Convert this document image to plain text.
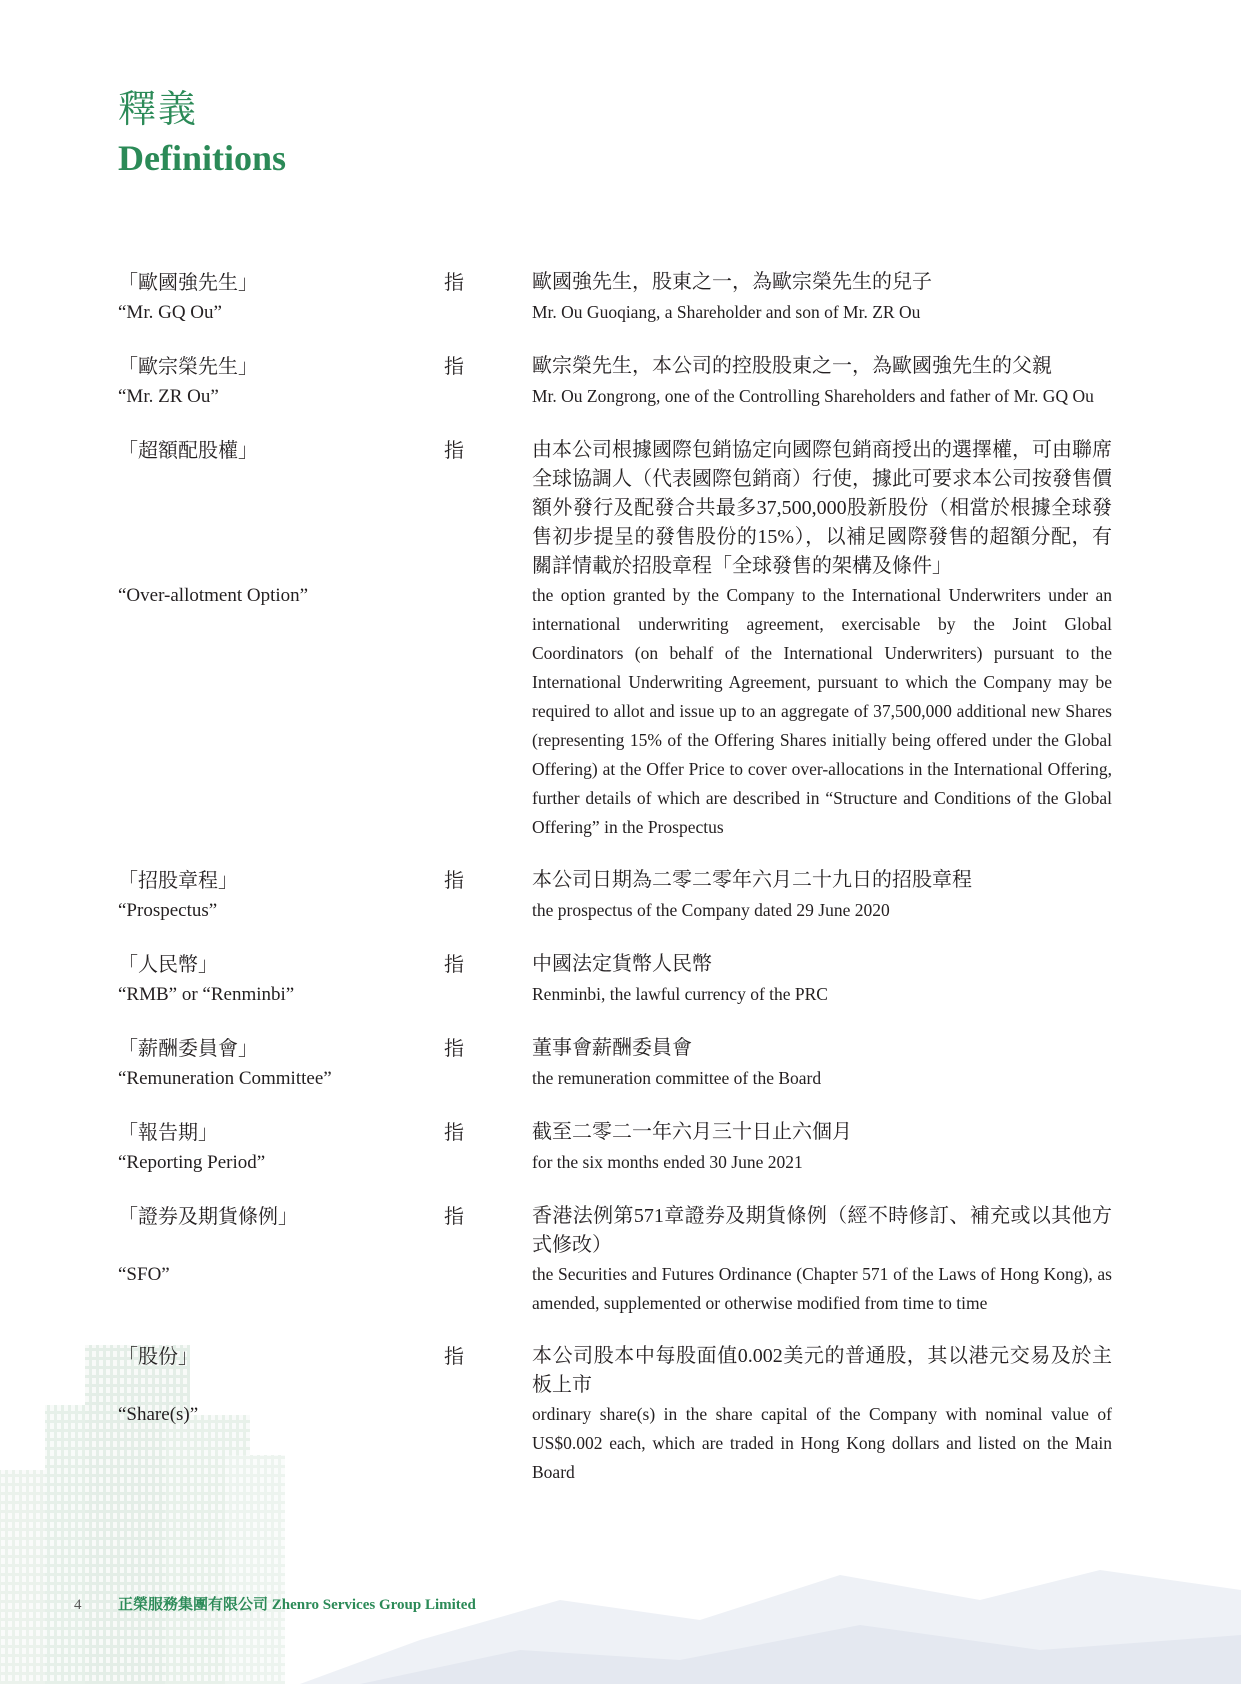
釋義
Definitions
「歐國強先生」	指	歐國強先生，股東之一，為歐宗榮先生的兒子
“Mr. GQ Ou”	Mr. Ou Guoqiang, a Shareholder and son of Mr. ZR Ou
「歐宗榮先生」	指	歐宗榮先生，本公司的控股股東之一，為歐國強先生的父親
“Mr. ZR Ou”	Mr. Ou Zongrong, one of the Controlling Shareholders and father of Mr. GQ Ou
「超額配股權」	指	由本公司根據國際包銷協定向國際包銷商授出的選擇權，可由聯席全球協調人（代表國際包銷商）行使，據此可要求本公司按發售價額外發行及配發合共最多37,500,000股新股份（相當於根據全球發售初步提呈的發售股份的15%），以補足國際發售的超額分配，有關詳情載於招股章程「全球發售的架構及條件」
“Over-allotment Option”	the option granted by the Company to the International Underwriters under an international underwriting agreement, exercisable by the Joint Global Coordinators (on behalf of the International Underwriters) pursuant to the International Underwriting Agreement, pursuant to which the Company may be required to allot and issue up to an aggregate of 37,500,000 additional new Shares (representing 15% of the Offering Shares initially being offered under the Global Offering) at the Offer Price to cover over-allocations in the International Offering, further details of which are described in “Structure and Conditions of the Global Offering” in the Prospectus
「招股章程」	指	本公司日期為二零二零年六月二十九日的招股章程
“Prospectus”	the prospectus of the Company dated 29 June 2020
「人民幣」	指	中國法定貨幣人民幣
“RMB” or “Renminbi”	Renminbi, the lawful currency of the PRC
「薪酬委員會」	指	董事會薪酬委員會
“Remuneration Committee”	the remuneration committee of the Board
「報告期」	指	截至二零二一年六月三十日止六個月
“Reporting Period”	for the six months ended 30 June 2021
「證券及期貨條例」	指	香港法例第571章證券及期貨條例（經不時修訂、補充或以其他方式修改）
“SFO”	the Securities and Futures Ordinance (Chapter 571 of the Laws of Hong Kong), as amended, supplemented or otherwise modified from time to time
「股份」	指	本公司股本中每股面值0.002美元的普通股，其以港元交易及於主板上市
“Share(s)”	ordinary share(s) in the share capital of the Company with nominal value of US$0.002 each, which are traded in Hong Kong dollars and listed on the Main Board
4 正榮服務集團有限公司 Zhenro Services Group Limited
